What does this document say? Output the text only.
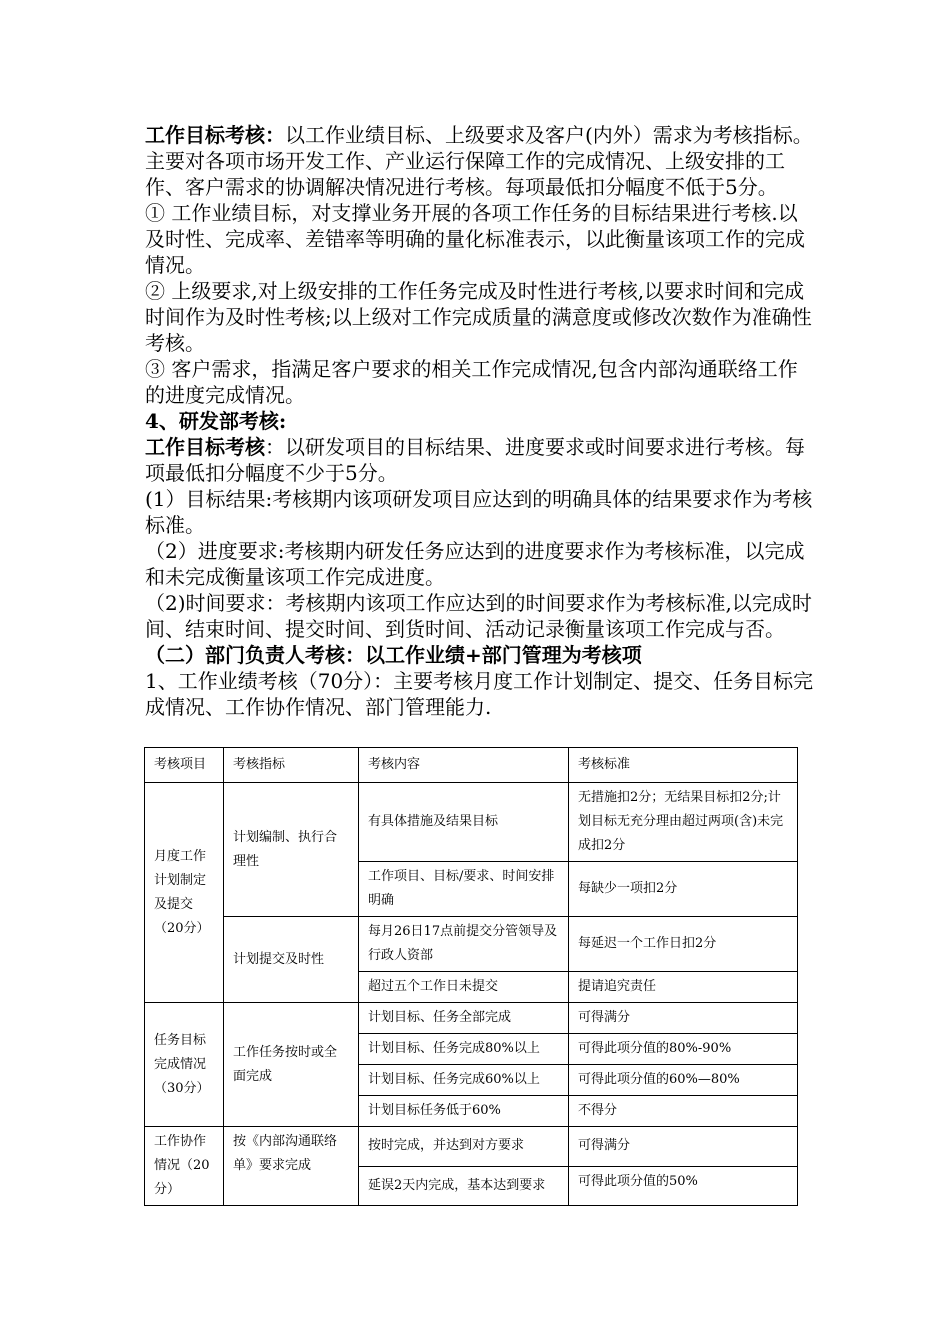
工作目标考核：以工作业绩目标、上级要求及客户(内外）需求为考核指标。主要对各项市场开发工作、产业运行保障工作的完成情况、上级安排的工作、客户需求的协调解决情况进行考核。每项最低扣分幅度不低于5分。

① 工作业绩目标，对支撑业务开展的各项工作任务的目标结果进行考核.以及时性、完成率、差错率等明确的量化标准表示，以此衡量该项工作的完成情况。

② 上级要求,对上级安排的工作任务完成及时性进行考核,以要求时间和完成时间作为及时性考核;以上级对工作完成质量的满意度或修改次数作为准确性考核。

③ 客户需求，指满足客户要求的相关工作完成情况,包含内部沟通联络工作的进度完成情况。

4、研发部考核:

工作目标考核：以研发项目的目标结果、进度要求或时间要求进行考核。每项最低扣分幅度不少于5分。

(1）目标结果:考核期内该项研发项目应达到的明确具体的结果要求作为考核标准。

（2）进度要求:考核期内研发任务应达到的进度要求作为考核标准，以完成和未完成衡量该项工作完成进度。

（2)时间要求：考核期内该项工作应达到的时间要求作为考核标准,以完成时间、结束时间、提交时间、到货时间、活动记录衡量该项工作完成与否。

（二）部门负责人考核：以工作业绩+部门管理为考核项

1、工作业绩考核（70分）：主要考核月度工作计划制定、提交、任务目标完成情况、工作协作情况、部门管理能力.

考核项目	考核指标	考核内容	考核标准
月度工作计划制定及提交（20分）	计划编制、执行合理性	有具体措施及结果目标	无措施扣2分；无结果目标扣2分;计划目标无充分理由超过两项(含)未完成扣2分
		工作项目、目标/要求、时间安排明确	每缺少一项扣2分
	计划提交及时性	每月26日17点前提交分管领导及行政人资部	每延迟一个工作日扣2分
		超过五个工作日未提交	提请追究责任
任务目标完成情况（30分）	工作任务按时或全面完成	计划目标、任务全部完成	可得满分
		计划目标、任务完成80%以上	可得此项分值的80%-90%
		计划目标、任务完成60%以上	可得此项分值的60%—80%
		计划目标任务低于60%	不得分
工作协作情况（20分）	按《内部沟通联络单》要求完成	按时完成，并达到对方要求	可得满分
		延误2天内完成，基本达到要求	可得此项分值的50%
